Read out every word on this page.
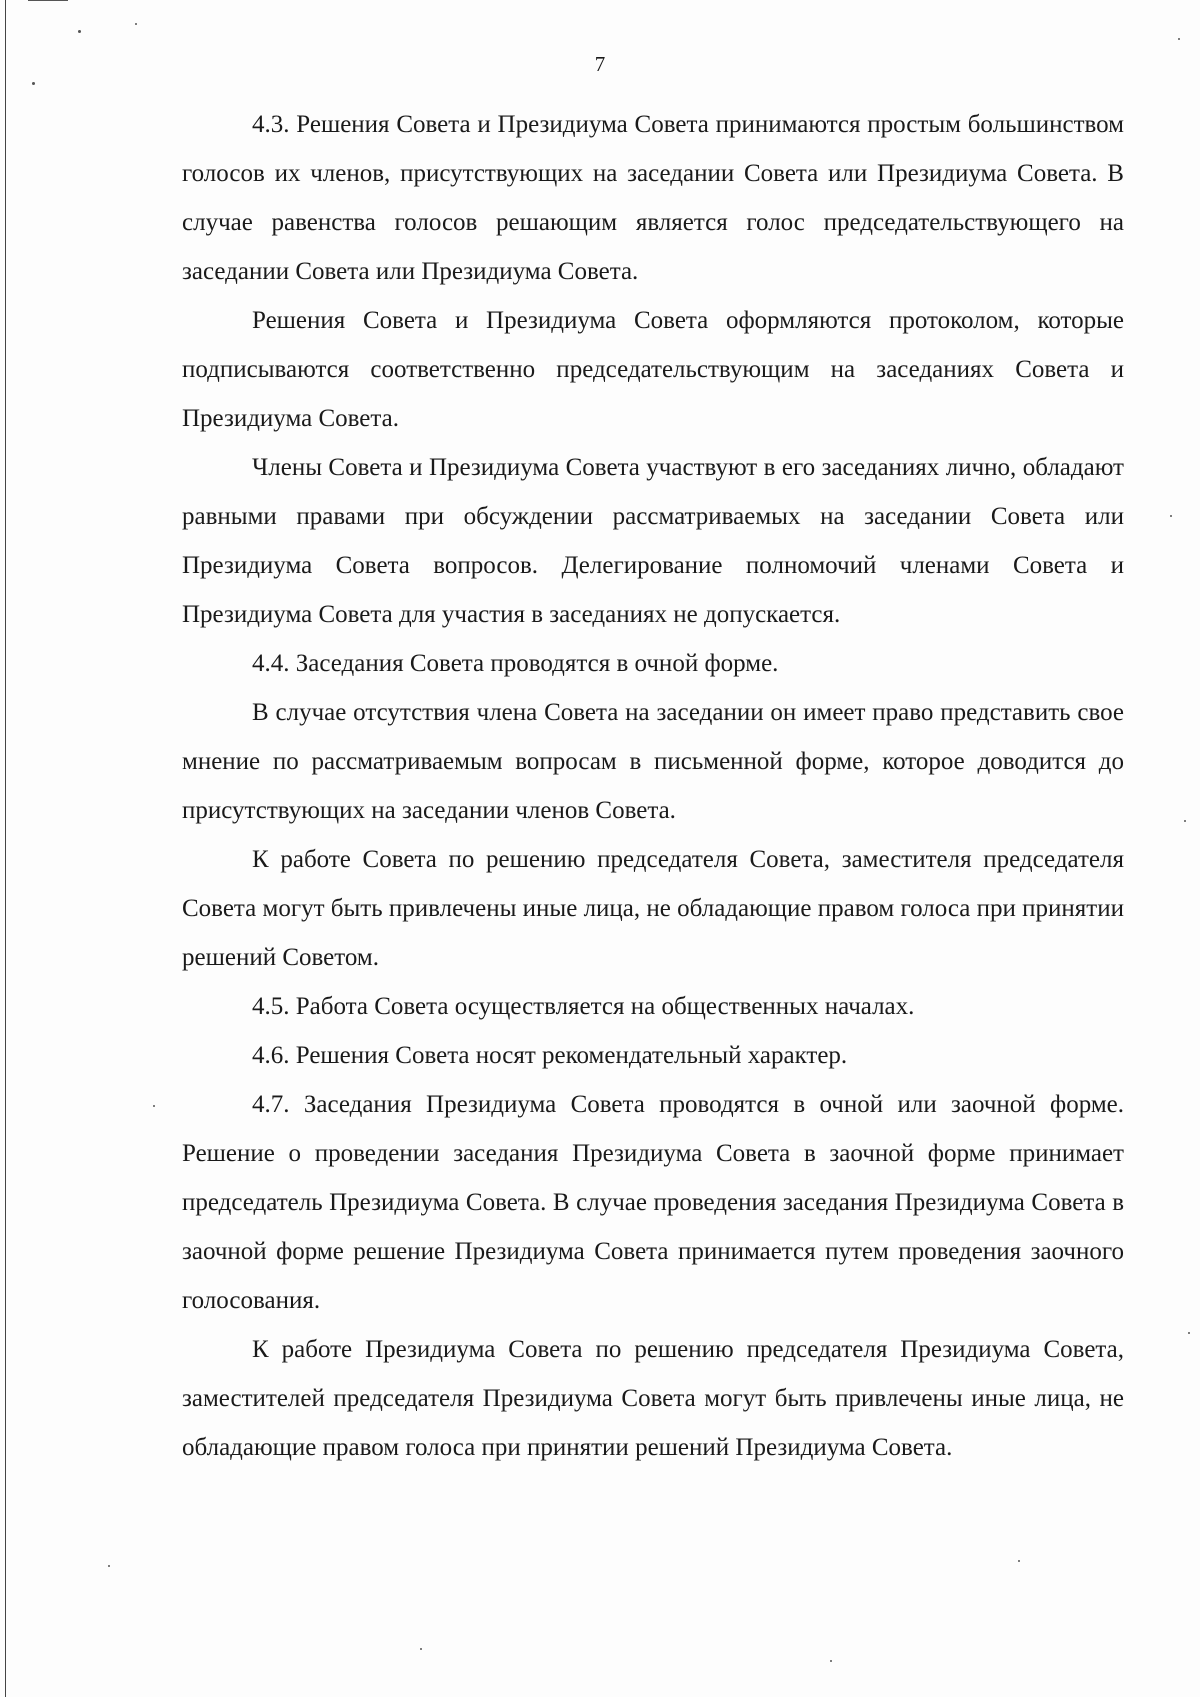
7

4.3. Решения Совета и Президиума Совета принимаются простым большинством голосов их членов, присутствующих на заседании Совета или Президиума Совета. В случае равенства голосов решающим является голос председательствующего на заседании Совета или Президиума Совета.

Решения Совета и Президиума Совета оформляются протоколом, которые подписываются соответственно председательствующим на заседаниях Совета и Президиума Совета.

Члены Совета и Президиума Совета участвуют в его заседаниях лично, обладают равными правами при обсуждении рассматриваемых на заседании Совета или Президиума Совета вопросов. Делегирование полномочий членами Совета и Президиума Совета для участия в заседаниях не допускается.

4.4. Заседания Совета проводятся в очной форме.

В случае отсутствия члена Совета на заседании он имеет право представить свое мнение по рассматриваемым вопросам в письменной форме, которое доводится до присутствующих на заседании членов Совета.

К работе Совета по решению председателя Совета, заместителя председателя Совета могут быть привлечены иные лица, не обладающие правом голоса при принятии решений Советом.

4.5. Работа Совета осуществляется на общественных началах.

4.6. Решения Совета носят рекомендательный характер.

4.7. Заседания Президиума Совета проводятся в очной или заочной форме. Решение о проведении заседания Президиума Совета в заочной форме принимает председатель Президиума Совета. В случае проведения заседания Президиума Совета в заочной форме решение Президиума Совета принимается путем проведения заочного голосования.

К работе Президиума Совета по решению председателя Президиума Совета, заместителей председателя Президиума Совета могут быть привлечены иные лица, не обладающие правом голоса при принятии решений Президиума Совета.
